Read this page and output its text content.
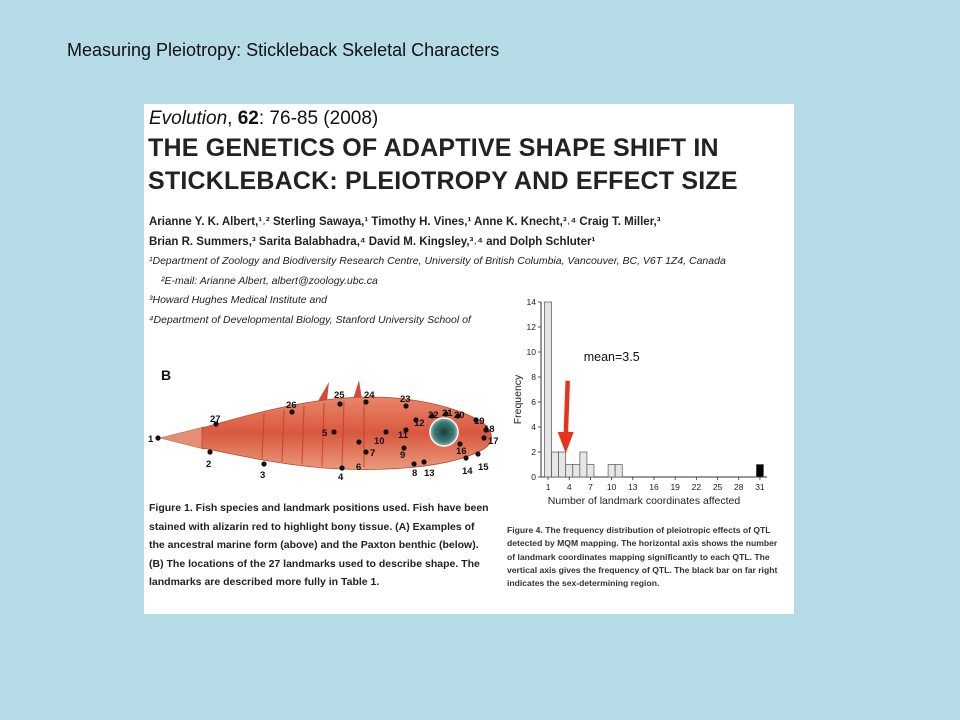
Measuring Pleiotropy: Stickleback Skeletal Characters
Evolution, 62: 76-85 (2008)
THE GENETICS OF ADAPTIVE SHAPE SHIFT IN
STICKLEBACK: PLEIOTROPY AND EFFECT SIZE
Arianne Y. K. Albert,¹˒² Sterling Sawaya,¹ Timothy H. Vines,¹ Anne K. Knecht,³˒⁴ Craig T. Miller,³
Brian R. Summers,³ Sarita Balabhadra,⁴ David M. Kingsley,³˒⁴ and Dolph Schluter¹
¹Department of Zoology and Biodiversity Research Centre, University of British Columbia, Vancouver, BC, V6T 1Z4, Canada
²E-mail: Arianne Albert, albert@zoology.ubc.ca
³Howard Hughes Medical Institute and
⁴Department of Developmental Biology, Stanford University School of
B
1
2
3	4
5
6
7
8
9
10
11
12
13	14 15
16
17
18
19
20
21
22
23
24
25
26
27
Figure 1. Fish species and landmark positions used. Fish have been
stained with alizarin red to highlight bony tissue. (A) Examples of
the ancestral marine form (above) and the Paxton benthic (below).
(B) The locations of the 27 landmarks used to describe shape. The
landmarks are described more fully in Table 1.
0
2
4
6
8
10
12
14
1 4 7 10 13 16 19 22 25 28 31
Number of landmark coordinates affected
Frequency
mean=3.5
Figure 4. The frequency distribution of pleiotropic effects of QTL
detected by MQM mapping. The horizontal axis shows the number
of landmark coordinates mapping significantly to each QTL. The
vertical axis gives the frequency of QTL. The black bar on far right
indicates the sex-determining region.
